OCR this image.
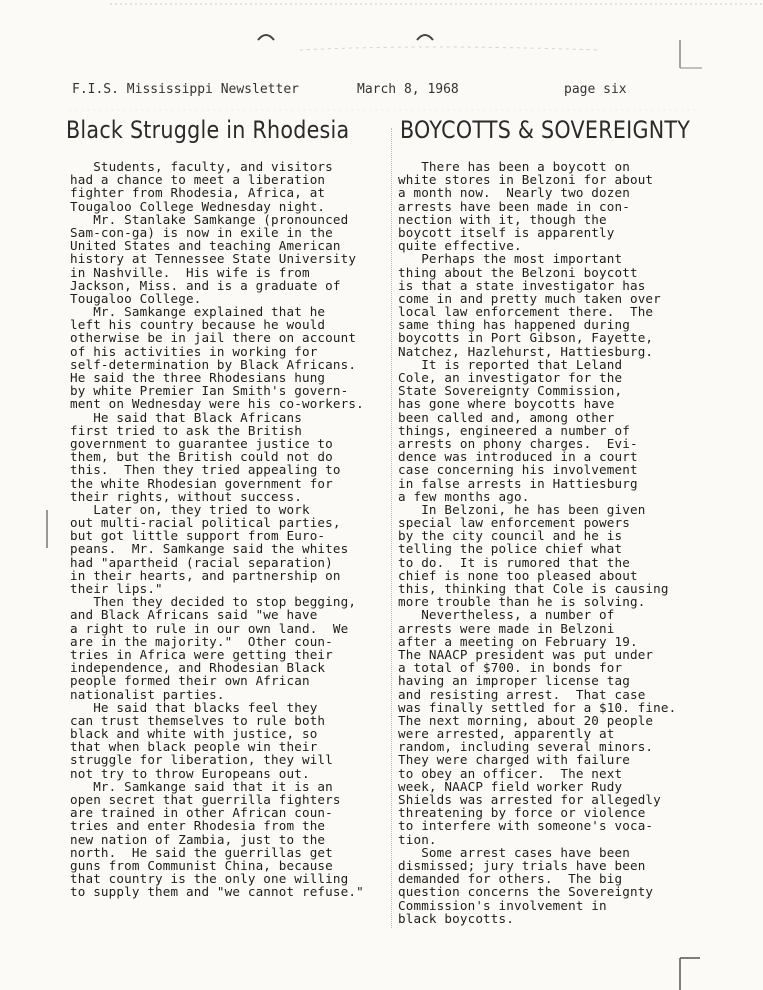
F.I.S. Mississippi Newsletter	March 8, 1968	page six
Black Struggle in Rhodesia BOYCOTTS & SOVEREIGNTY
Students, faculty, and visitors
had a chance to meet a liberation
fighter from Rhodesia, Africa, at
Tougaloo College Wednesday night.
Mr. Stanlake Samkange (pronounced
Sam-con-ga) is now in exile in the
United States and teaching American
history at Tennessee State University
in Nashville.  His wife is from
Jackson, Miss. and is a graduate of
Tougaloo College.
Mr. Samkange explained that he
left his country because he would
otherwise be in jail there on account
of his activities in working for
self-determination by Black Africans.
He said the three Rhodesians hung
by white Premier Ian Smith's govern-
ment on Wednesday were his co-workers.
He said that Black Africans
first tried to ask the British
government to guarantee justice to
them, but the British could not do
this.  Then they tried appealing to
the white Rhodesian government for
their rights, without success.
Later on, they tried to work
out multi-racial political parties,
but got little support from Euro-
peans.  Mr. Samkange said the whites
had "apartheid (racial separation)
in their hearts, and partnership on
their lips."
Then they decided to stop begging,
and Black Africans said "we have
a right to rule in our own land.  We
are in the majority."  Other coun-
tries in Africa were getting their
independence, and Rhodesian Black
people formed their own African
nationalist parties.
He said that blacks feel they
can trust themselves to rule both
black and white with justice, so
that when black people win their
struggle for liberation, they will
not try to throw Europeans out.
Mr. Samkange said that it is an
open secret that guerrilla fighters
are trained in other African coun-
tries and enter Rhodesia from the
new nation of Zambia, just to the
north.  He said the guerrillas get
guns from Communist China, because
that country is the only one willing
to supply them and "we cannot refuse."
There has been a boycott on
white stores in Belzoni for about
a month now.  Nearly two dozen
arrests have been made in con-
nection with it, though the
boycott itself is apparently
quite effective.
Perhaps the most important
thing about the Belzoni boycott
is that a state investigator has
come in and pretty much taken over
local law enforcement there.  The
same thing has happened during
boycotts in Port Gibson, Fayette,
Natchez, Hazlehurst, Hattiesburg.
It is reported that Leland
Cole, an investigator for the
State Sovereignty Commission,
has gone where boycotts have
been called and, among other
things, engineered a number of
arrests on phony charges.  Evi-
dence was introduced in a court
case concerning his involvement
in false arrests in Hattiesburg
a few months ago.
In Belzoni, he has been given
special law enforcement powers
by the city council and he is
telling the police chief what
to do.  It is rumored that the
chief is none too pleased about
this, thinking that Cole is causing
more trouble than he is solving.
Nevertheless, a number of
arrests were made in Belzoni
after a meeting on February 19.
The NAACP president was put under
a total of $700. in bonds for
having an improper license tag
and resisting arrest.  That case
was finally settled for a $10. fine.
The next morning, about 20 people
were arrested, apparently at
random, including several minors.
They were charged with failure
to obey an officer.  The next
week, NAACP field worker Rudy
Shields was arrested for allegedly
threatening by force or violence
to interfere with someone's voca-
tion.
Some arrest cases have been
dismissed; jury trials have been
demanded for others.  The big
question concerns the Sovereignty
Commission's involvement in
black boycotts.
